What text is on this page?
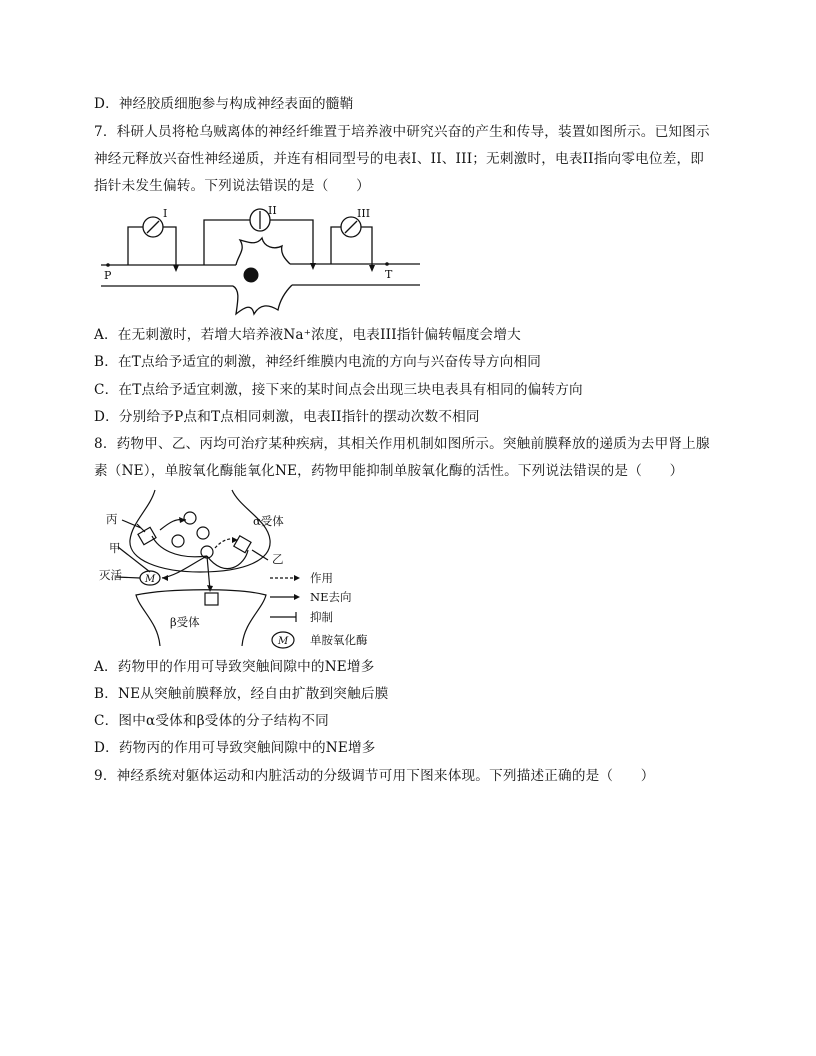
D．神经胶质细胞参与构成神经表面的髓鞘
7．科研人员将枪乌贼离体的神经纤维置于培养液中研究兴奋的产生和传导，装置如图所示。已知图示
神经元释放兴奋性神经递质，并连有相同型号的电表I、II、III；无刺激时，电表II指向零电位差，即
指针未发生偏转。下列说法错误的是（　　）
I	II	III
P	T
A．在无刺激时，若增大培养液Na⁺浓度，电表III指针偏转幅度会增大
B．在T点给予适宜的刺激，神经纤维膜内电流的方向与兴奋传导方向相同
C．在T点给予适宜刺激，接下来的某时间点会出现三块电表具有相同的偏转方向
D．分别给予P点和T点相同刺激，电表II指针的摆动次数不相同
8．药物甲、乙、丙均可治疗某种疾病，其相关作用机制如图所示。突触前膜释放的递质为去甲肾上腺
素（NE），单胺氧化酶能氧化NE，药物甲能抑制单胺氧化酶的活性。下列说法错误的是（　　）
丙
甲
灭活 M
α受体
乙
β受体
作用
NE去向
抑制
M 单胺氧化酶
A．药物甲的作用可导致突触间隙中的NE增多
B．NE从突触前膜释放，经自由扩散到突触后膜
C．图中α受体和β受体的分子结构不同
D．药物丙的作用可导致突触间隙中的NE增多
9．神经系统对躯体运动和内脏活动的分级调节可用下图来体现。下列描述正确的是（　　）
